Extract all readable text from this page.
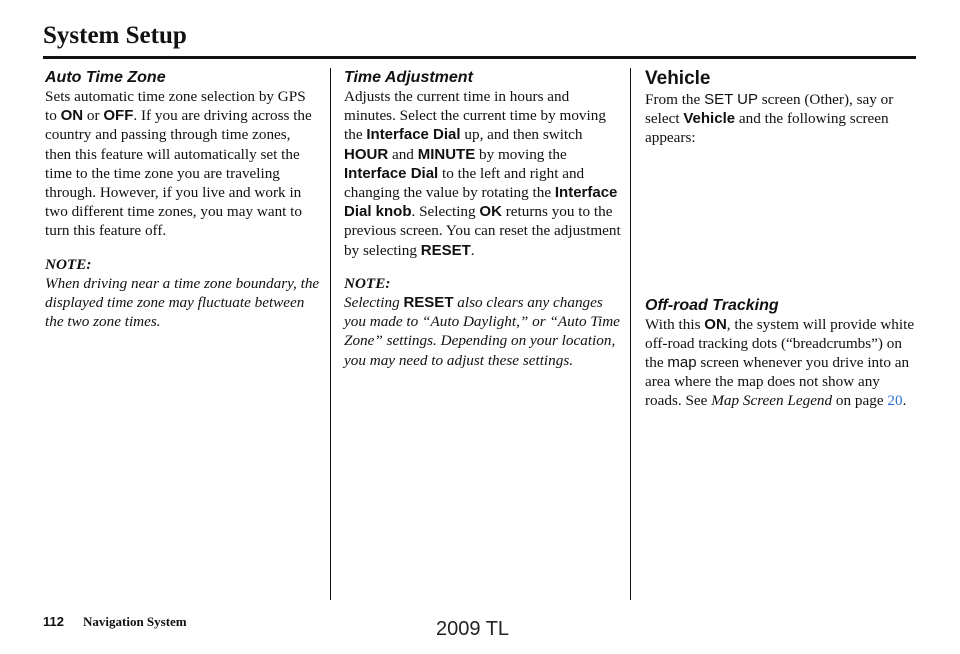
System Setup
Auto Time Zone

Sets automatic time zone selection by GPS to ON or OFF. If you are driving across the country and passing through time zones, then this feature will automatically set the time to the time zone you are traveling through. However, if you live and work in two different time zones, you may want to turn this feature off.

NOTE:
When driving near a time zone boundary, the displayed time zone may fluctuate between the two zone times.

Time Adjustment

Adjusts the current time in hours and minutes. Select the current time by moving the Interface Dial up, and then switch HOUR and MINUTE by moving the Interface Dial to the left and right and changing the value by rotating the Interface Dial knob. Selecting OK returns you to the previous screen. You can reset the adjustment by selecting RESET.

NOTE:
Selecting RESET also clears any changes you made to “Auto Daylight,” or “Auto Time Zone” settings. Depending on your location, you may need to adjust these settings.

Vehicle

From the SET UP screen (Other), say or select Vehicle and the following screen appears:

Off-road Tracking

With this ON, the system will provide white off-road tracking dots (“breadcrumbs”) on the map screen whenever you drive into an area where the map does not show any roads. See Map Screen Legend on page 20.

112 Navigation System	2009 TL
